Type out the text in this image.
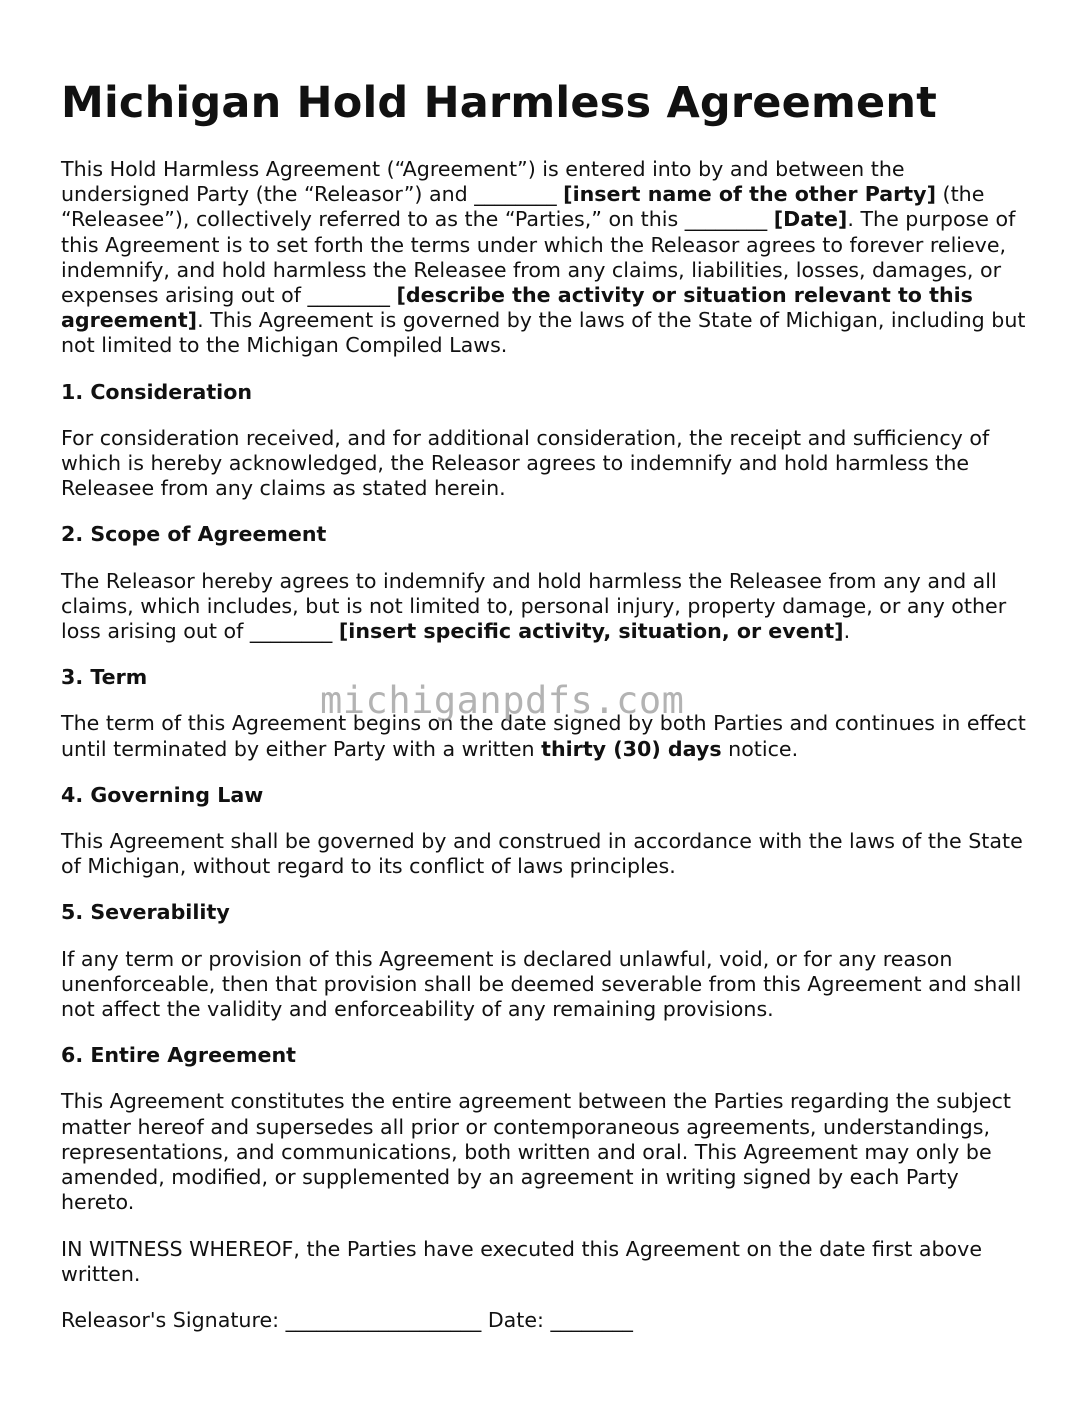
Michigan Hold Harmless Agreement

This Hold Harmless Agreement (“Agreement”) is entered into by and between the undersigned Party (the “Releasor”) and ________ [insert name of the other Party] (the “Releasee”), collectively referred to as the “Parties,” on this ________ [Date]. The purpose of this Agreement is to set forth the terms under which the Releasor agrees to forever relieve, indemnify, and hold harmless the Releasee from any claims, liabilities, losses, damages, or expenses arising out of ________ [describe the activity or situation relevant to this agreement]. This Agreement is governed by the laws of the State of Michigan, including but not limited to the Michigan Compiled Laws.

1. Consideration

For consideration received, and for additional consideration, the receipt and sufficiency of which is hereby acknowledged, the Releasor agrees to indemnify and hold harmless the Releasee from any claims as stated herein.

2. Scope of Agreement

The Releasor hereby agrees to indemnify and hold harmless the Releasee from any and all claims, which includes, but is not limited to, personal injury, property damage, or any other loss arising out of ________ [insert specific activity, situation, or event].

3. Term

The term of this Agreement begins on the date signed by both Parties and continues in effect until terminated by either Party with a written thirty (30) days notice.

4. Governing Law

This Agreement shall be governed by and construed in accordance with the laws of the State of Michigan, without regard to its conflict of laws principles.

5. Severability

If any term or provision of this Agreement is declared unlawful, void, or for any reason unenforceable, then that provision shall be deemed severable from this Agreement and shall not affect the validity and enforceability of any remaining provisions.

6. Entire Agreement

This Agreement constitutes the entire agreement between the Parties regarding the subject matter hereof and supersedes all prior or contemporaneous agreements, understandings, representations, and communications, both written and oral. This Agreement may only be amended, modified, or supplemented by an agreement in writing signed by each Party hereto.

IN WITNESS WHEREOF, the Parties have executed this Agreement on the date first above written.

Releasor's Signature: ___________________ Date: ________

michiganpdfs.com
